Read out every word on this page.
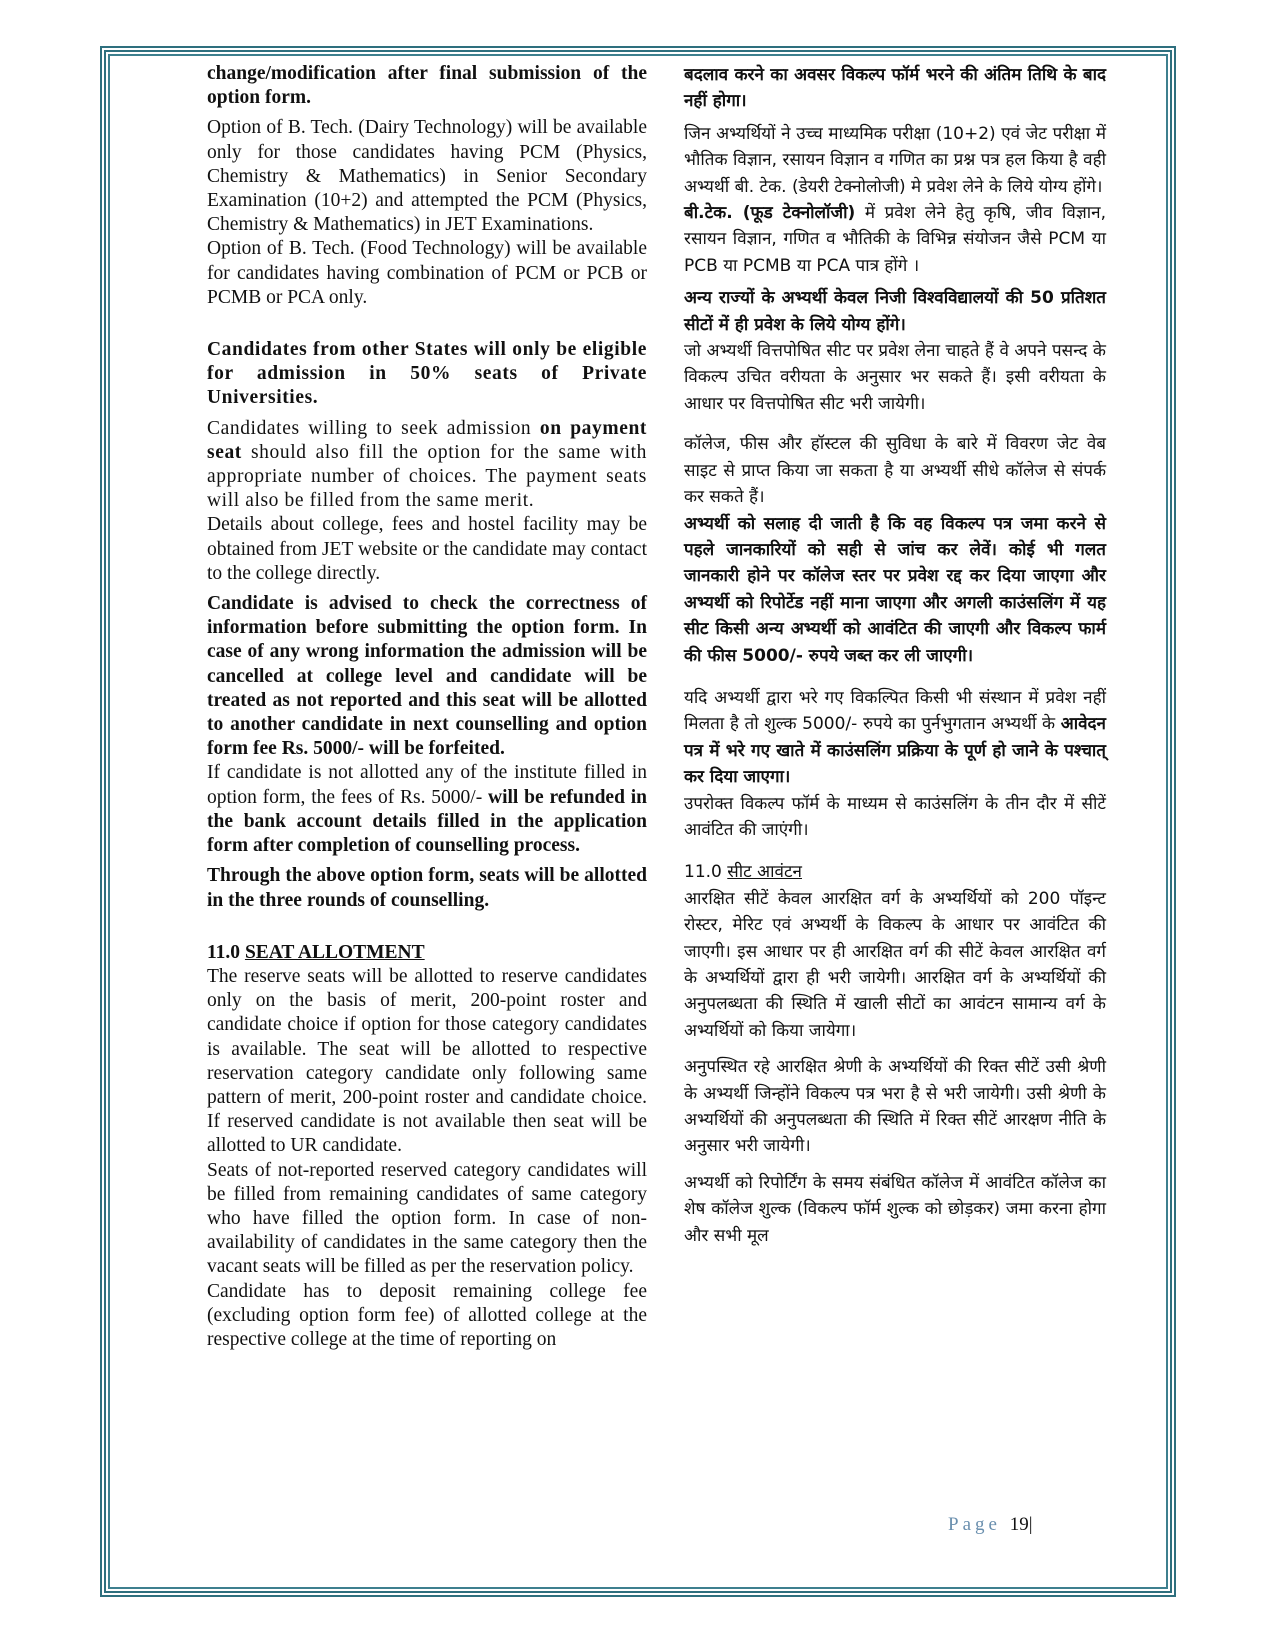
change/modification after final submission of the option form.

Option of B. Tech. (Dairy Technology) will be available only for those candidates having PCM (Physics, Chemistry & Mathematics) in Senior Secondary Examination (10+2) and attempted the PCM (Physics, Chemistry & Mathematics) in JET Examinations.

Option of B. Tech. (Food Technology) will be available for candidates having combination of PCM or PCB or PCMB or PCA only.

Candidates from other States will only be eligible for admission in 50% seats of Private Universities.

Candidates willing to seek admission on payment seat should also fill the option for the same with appropriate number of choices. The payment seats will also be filled from the same merit.

Details about college, fees and hostel facility may be obtained from JET website or the candidate may contact to the college directly.

Candidate is advised to check the correctness of information before submitting the option form. In case of any wrong information the admission will be cancelled at college level and candidate will be treated as not reported and this seat will be allotted to another candidate in next counselling and option form fee Rs. 5000/- will be forfeited.

If candidate is not allotted any of the institute filled in option form, the fees of Rs. 5000/- will be refunded in the bank account details filled in the application form after completion of counselling process.

Through the above option form, seats will be allotted in the three rounds of counselling.

11.0 SEAT ALLOTMENT

The reserve seats will be allotted to reserve candidates only on the basis of merit, 200-point roster and candidate choice if option for those category candidates is available. The seat will be allotted to respective reservation category candidate only following same pattern of merit, 200-point roster and candidate choice. If reserved candidate is not available then seat will be allotted to UR candidate.

Seats of not-reported reserved category candidates will be filled from remaining candidates of same category who have filled the option form. In case of non-availability of candidates in the same category then the vacant seats will be filled as per the reservation policy.

Candidate has to deposit remaining college fee (excluding option form fee) of allotted college at the respective college at the time of reporting on

बदलाव करने का अवसर विकल्प फॉर्म भरने की अंतिम तिथि के बाद नहीं होगा।

जिन अभ्यर्थियों ने उच्च माध्यमिक परीक्षा (10+2) एवं जेट परीक्षा में भौतिक विज्ञान, रसायन विज्ञान व गणित का प्रश्न पत्र हल किया है वही अभ्यर्थी बी. टेक. (डेयरी टेक्नोलोजी) मे प्रवेश लेने के लिये योग्य होंगे।

बी.टेक. (फूड टेक्नोलॉजी) में प्रवेश लेने हेतु कृषि, जीव विज्ञान, रसायन विज्ञान, गणित व भौतिकी के विभिन्न संयोजन जैसे PCM या PCB या PCMB या PCA पात्र होंगे ।

अन्य राज्यों के अभ्यर्थी केवल निजी विश्वविद्यालयों की 50 प्रतिशत सीटों में ही प्रवेश के लिये योग्य होंगे।

जो अभ्यर्थी वित्तपोषित सीट पर प्रवेश लेना चाहते हैं वे अपने पसन्द के विकल्प उचित वरीयता के अनुसार भर सकते हैं। इसी वरीयता के आधार पर वित्तपोषित सीट भरी जायेगी।

कॉलेज, फीस और हॉस्टल की सुविधा के बारे में विवरण जेट वेब साइट से प्राप्त किया जा सकता है या अभ्यर्थी सीधे कॉलेज से संपर्क कर सकते हैं।

अभ्यर्थी को सलाह दी जाती है कि वह विकल्प पत्र जमा करने से पहले जानकारियों को सही से जांच कर लेवें। कोई भी गलत जानकारी होने पर कॉलेज स्तर पर प्रवेश रद्द कर दिया जाएगा और अभ्यर्थी को रिपोर्टेड नहीं माना जाएगा और अगली काउंसलिंग में यह सीट किसी अन्य अभ्यर्थी को आवंटित की जाएगी और विकल्प फार्म की फीस 5000/- रुपये जब्त कर ली जाएगी।

यदि अभ्यर्थी द्वारा भरे गए विकल्पित किसी भी संस्थान में प्रवेश नहीं मिलता है तो शुल्क 5000/- रुपये का पुर्नभुगतान अभ्यर्थी के आवेदन पत्र में भरे गए खाते में काउंसलिंग प्रक्रिया के पूर्ण हो जाने के पश्चात् कर दिया जाएगा।

उपरोक्त विकल्प फॉर्म के माध्यम से काउंसलिंग के तीन दौर में सीटें आवंटित की जाएंगी।

11.0 सीट आवंटन

आरक्षित सीटें केवल आरक्षित वर्ग के अभ्यर्थियों को 200 पॉइन्ट रोस्टर, मेरिट एवं अभ्यर्थी के विकल्प के आधार पर आवंटित की जाएगी। इस आधार पर ही आरक्षित वर्ग की सीटें केवल आरक्षित वर्ग के अभ्यर्थियों द्वारा ही भरी जायेगी। आरक्षित वर्ग के अभ्यर्थियों की अनुपलब्धता की स्थिति में खाली सीटों का आवंटन सामान्य वर्ग के अभ्यर्थियों को किया जायेगा।

अनुपस्थित रहे आरक्षित श्रेणी के अभ्यर्थियों की रिक्त सीटें उसी श्रेणी के अभ्यर्थी जिन्होंने विकल्प पत्र भरा है से भरी जायेगी। उसी श्रेणी के अभ्यर्थियों की अनुपलब्धता की स्थिति में रिक्त सीटें आरक्षण नीति के अनुसार भरी जायेगी।

अभ्यर्थी को रिपोर्टिंग के समय संबंधित कॉलेज में आवंटित कॉलेज का शेष कॉलेज शुल्क (विकल्प फॉर्म शुल्क को छोड़कर) जमा करना होगा और सभी मूल

Page 19|
